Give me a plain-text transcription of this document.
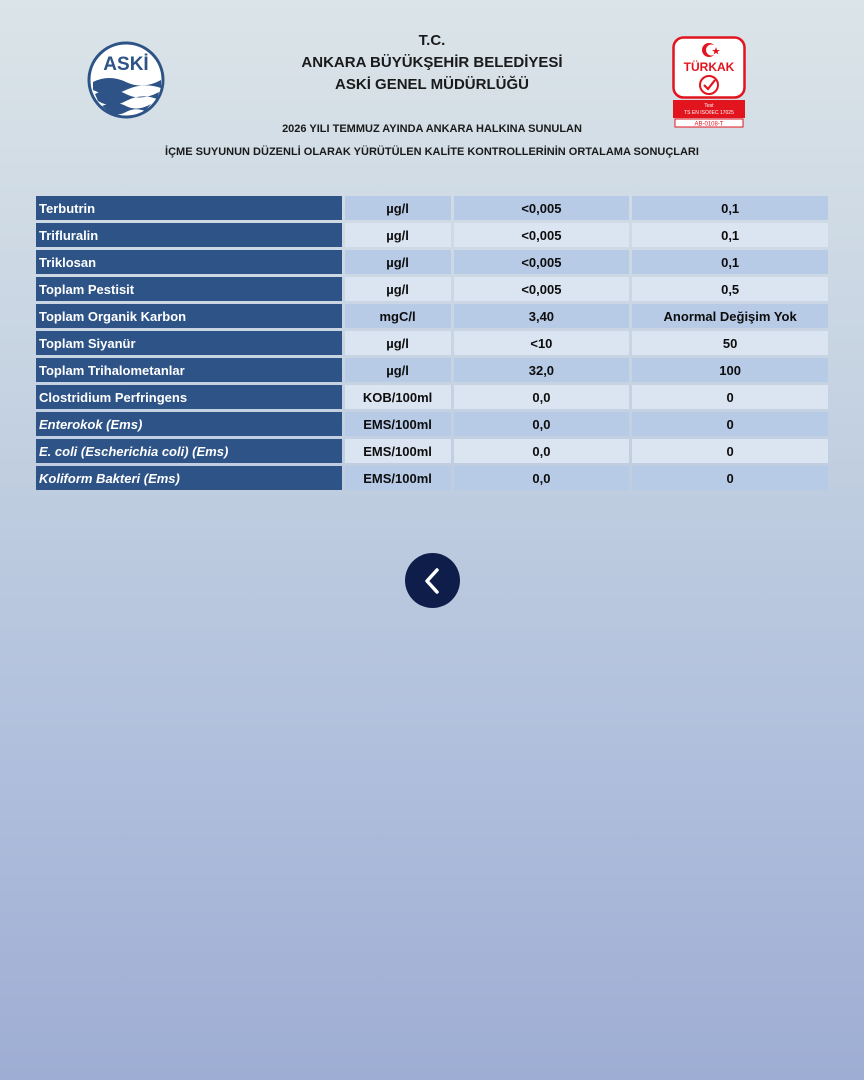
ASKİ
T.C.
ANKARA BÜYÜKŞEHİR BELEDİYESİ
ASKİ GENEL MÜDÜRLÜĞÜ
2026 YILI TEMMUZ AYINDA ANKARA HALKINA SUNULAN
İÇME SUYUNUN DÜZENLİ OLARAK YÜRÜTÜLEN KALİTE KONTROLLERİNİN ORTALAMA SONUÇLARI
TÜRKAK
Test
TS EN ISO/IEC 17025
AB-0108-T
Terbutrin	µg/l	<0,005	0,1
Trifluralin	µg/l	<0,005	0,1
Triklosan	µg/l	<0,005	0,1
Toplam Pestisit	µg/l	<0,005	0,5
Toplam Organik Karbon	mgC/l	3,40	Anormal Değişim Yok
Toplam Siyanür	µg/l	<10	50
Toplam Trihalometanlar	µg/l	32,0	100
Clostridium Perfringens	KOB/100ml	0,0	0
Enterokok (Ems)	EMS/100ml	0,0	0
E. coli (Escherichia coli) (Ems)	EMS/100ml	0,0	0
Koliform Bakteri (Ems)	EMS/100ml	0,0	0
